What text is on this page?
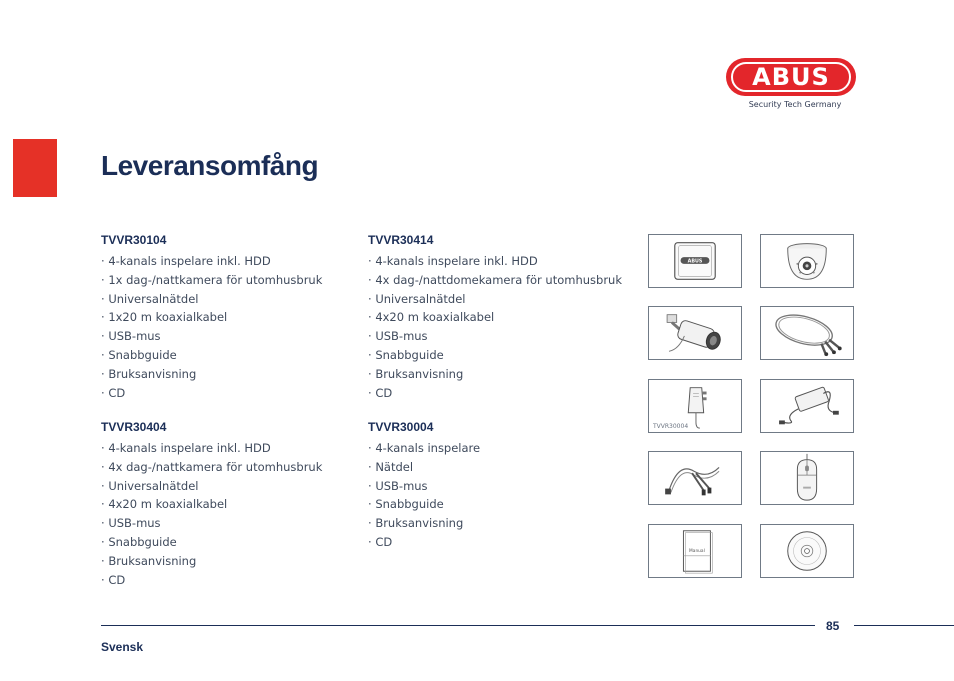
ABUS
Security Tech Germany
Leveransomfång
TVVR30104
· 4-kanals inspelare inkl. HDD
· 1x dag-/nattkamera för utomhusbruk
· Universalnätdel
· 1x20 m koaxialkabel
· USB-mus
· Snabbguide
· Bruksanvisning
· CD
TVVR30414
· 4-kanals inspelare inkl. HDD
· 4x dag-/nattdomekamera för utomhusbruk
· Universalnätdel
· 4x20 m koaxialkabel
· USB-mus
· Snabbguide
· Bruksanvisning
· CD
TVVR30404
· 4-kanals inspelare inkl. HDD
· 4x dag-/nattkamera för utomhusbruk
· Universalnätdel
· 4x20 m koaxialkabel
· USB-mus
· Snabbguide
· Bruksanvisning
· CD
TVVR30004
· 4-kanals inspelare
· Nätdel
· USB-mus
· Snabbguide
· Bruksanvisning
· CD
ABUS
TVVR30004
Manual
85
Svensk
